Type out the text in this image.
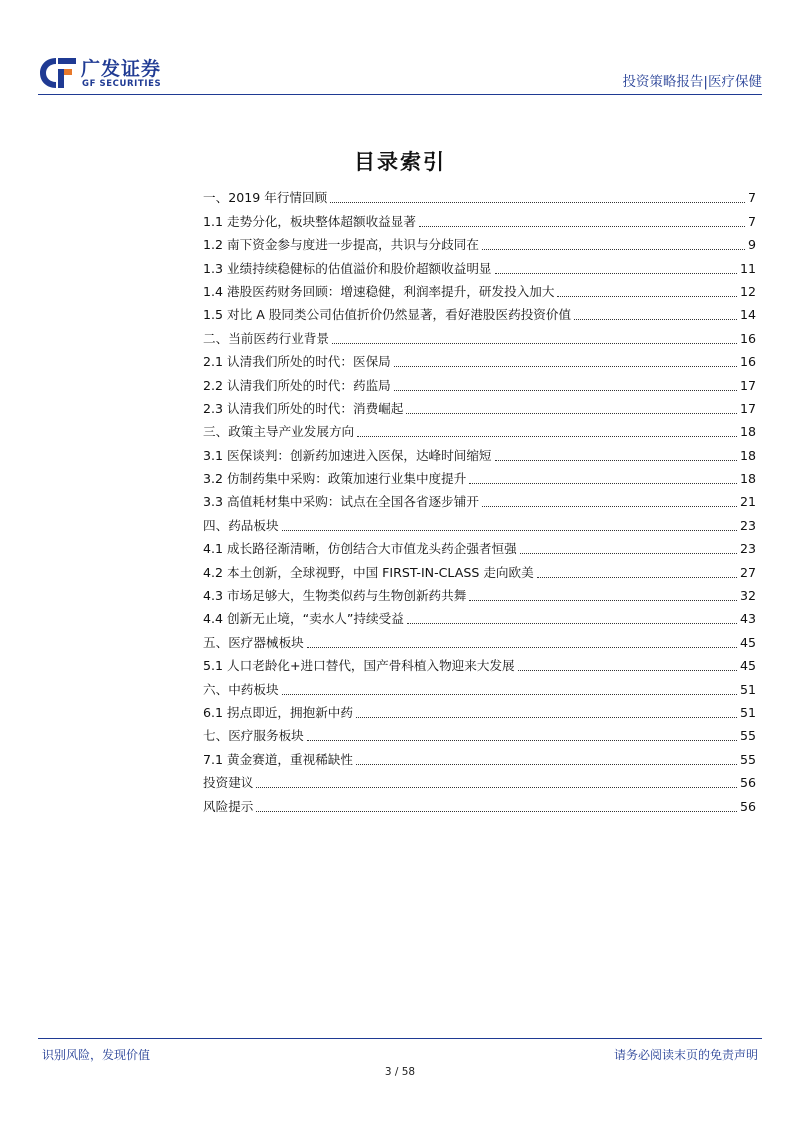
广发证券
GF SECURITIES	投资策略报告|医疗保健
目录索引
一、2019 年行情回顾	7
1.1 走势分化，板块整体超额收益显著	7
1.2 南下资金参与度进一步提高，共识与分歧同在	9
1.3 业绩持续稳健标的估值溢价和股价超额收益明显	11
1.4 港股医药财务回顾：增速稳健，利润率提升，研发投入加大	12
1.5 对比 A 股同类公司估值折价仍然显著，看好港股医药投资价值	14
二、当前医药行业背景	16
2.1 认清我们所处的时代：医保局	16
2.2 认清我们所处的时代：药监局	17
2.3 认清我们所处的时代：消费崛起	17
三、政策主导产业发展方向	18
3.1 医保谈判：创新药加速进入医保，达峰时间缩短	18
3.2 仿制药集中采购：政策加速行业集中度提升	18
3.3 高值耗材集中采购：试点在全国各省逐步铺开	21
四、药品板块	23
4.1 成长路径渐清晰，仿创结合大市值龙头药企强者恒强	23
4.2 本土创新，全球视野，中国 FIRST-IN-CLASS 走向欧美	27
4.3 市场足够大，生物类似药与生物创新药共舞	32
4.4 创新无止境，“卖水人”持续受益	43
五、医疗器械板块	45
5.1 人口老龄化+进口替代，国产骨科植入物迎来大发展	45
六、中药板块	51
6.1 拐点即近，拥抱新中药	51
七、医疗服务板块	55
7.1 黄金赛道，重视稀缺性	55
投资建议	56
风险提示	56

识别风险，发现价值	请务必阅读末页的免责声明
3 / 58
